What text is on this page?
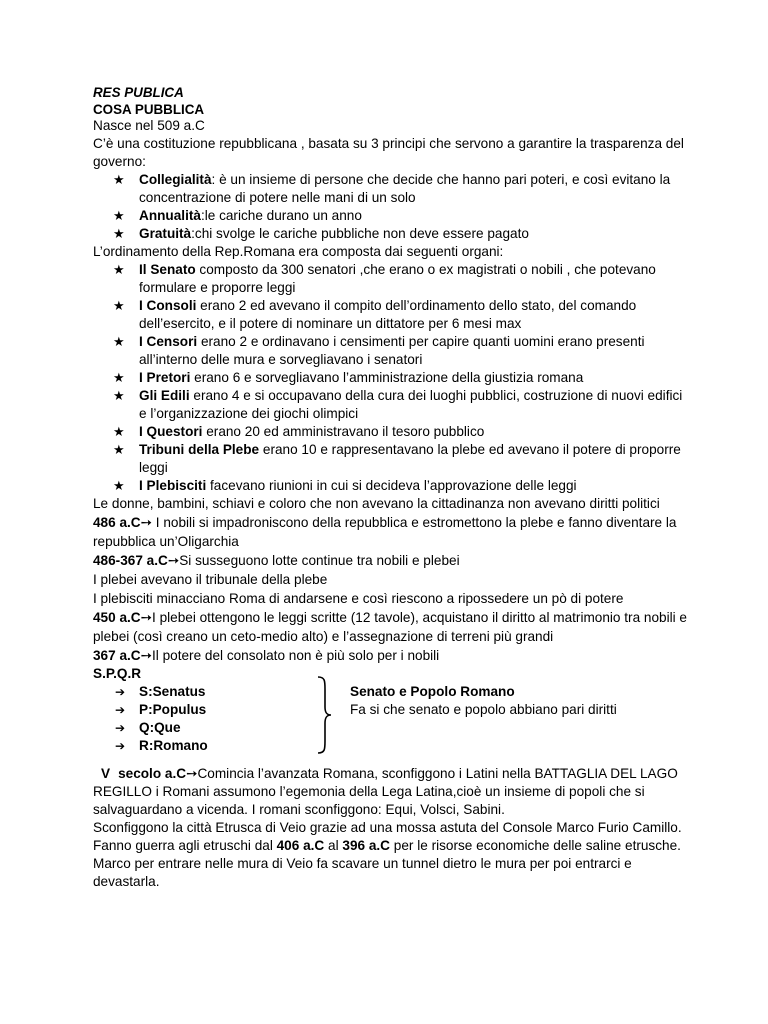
RES PUBLICA

COSA PUBBLICA

Nasce nel 509 a.C

C’è una costituzione repubblicana , basata su 3 principi che servono a garantire la trasparenza del governo:

★ Collegialità: è un insieme di persone che decide che hanno pari poteri, e così evitano la concentrazione di potere nelle mani di un solo
★ Annualità:le cariche durano un anno
★ Gratuità:chi svolge le cariche pubbliche non deve essere pagato

L’ordinamento della Rep.Romana era composta dai seguenti organi:

★ Il Senato composto da 300 senatori ,che erano o ex magistrati o nobili , che potevano formulare e proporre leggi
★ I Consoli erano 2 ed avevano il compito dell’ordinamento dello stato, del comando dell’esercito, e il potere di nominare un dittatore per 6 mesi max
★ I Censori erano 2 e ordinavano i censimenti per capire quanti uomini erano presenti all’interno delle mura e sorvegliavano i senatori
★ I Pretori erano 6 e sorvegliavano l’amministrazione della giustizia romana
★ Gli Edili erano 4 e si occupavano della cura dei luoghi pubblici, costruzione di nuovi edifici e l’organizzazione dei giochi olimpici
★ I Questori erano 20 ed amministravano il tesoro pubblico
★ Tribuni della Plebe erano 10 e rappresentavano la plebe ed avevano il potere di proporre leggi
★ I Plebisciti facevano riunioni in cui si decideva l’approvazione delle leggi

Le donne, bambini, schiavi e coloro che non avevano la cittadinanza non avevano diritti politici

486 a.C➙ I nobili si impadroniscono della repubblica e estromettono la plebe e fanno diventare la repubblica un’Oligarchia

486-367 a.C➙Si susseguono lotte continue tra nobili e plebei

I plebei avevano il tribunale della plebe

I plebisciti minacciano Roma di andarsene e così riescono a ripossedere un pò di potere

450 a.C➙I plebei ottengono le leggi scritte (12 tavole), acquistano il diritto al matrimonio tra nobili e plebei (così creano un ceto-medio alto) e l’assegnazione di terreni più grandi

367 a.C➙Il potere del consolato non è più solo per i nobili

S.P.Q.R

➔ S:Senatus
➔ P:Populus
➔ Q:Que
➔ R:Romano
Senato e Popolo Romano
Fa si che senato e popolo abbiano pari diritti

V secolo a.C➙Comincia l’avanzata Romana, sconfiggono i Latini nella BATTAGLIA DEL LAGO REGILLO i Romani assumono l’egemonia della Lega Latina,cioè un insieme di popoli che si salvaguardano a vicenda. I romani sconfiggono: Equi, Volsci, Sabini.

Sconfiggono la città Etrusca di Veio grazie ad una mossa astuta del Console Marco Furio Camillo. Fanno guerra agli etruschi dal 406 a.C al 396 a.C per le risorse economiche delle saline etrusche. Marco per entrare nelle mura di Veio fa scavare un tunnel dietro le mura per poi entrarci e devastarla.
